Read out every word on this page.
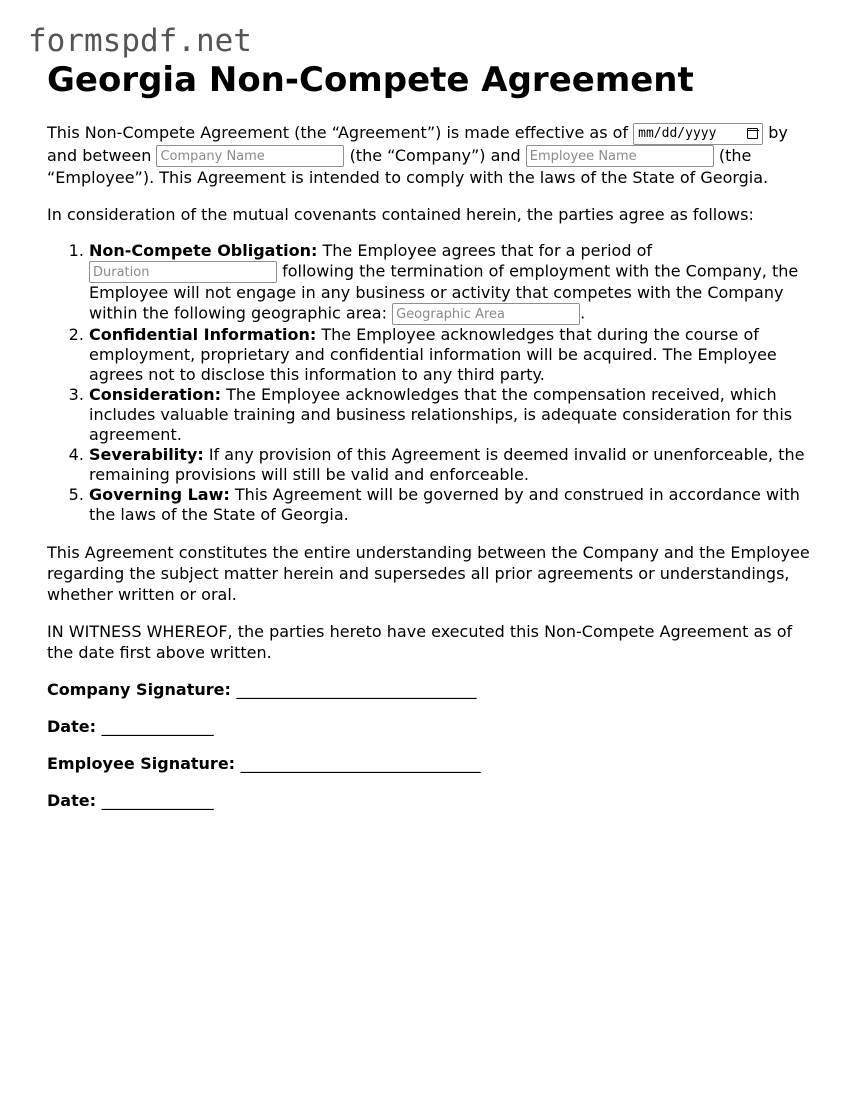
formspdf.net
Georgia Non-Compete Agreement

This Non-Compete Agreement (the “Agreement”) is made effective as of mm/dd/yyyy	by and between Company Name	(the “Company”) and Employee Name	(the “Employee”). This Agreement is intended to comply with the laws of the State of Georgia.

In consideration of the mutual covenants contained herein, the parties agree as follows:

1. Non-Compete Obligation: The Employee agrees that for a period of Duration following the termination of employment with the Company, the Employee will not engage in any business or activity that competes with the Company within the following geographic area: Geographic Area	.
2. Confidential Information: The Employee acknowledges that during the course of employment, proprietary and confidential information will be acquired. The Employee agrees not to disclose this information to any third party.
3. Consideration: The Employee acknowledges that the compensation received, which includes valuable training and business relationships, is adequate consideration for this agreement.
4. Severability: If any provision of this Agreement is deemed invalid or unenforceable, the remaining provisions will still be valid and enforceable.
5. Governing Law: This Agreement will be governed by and construed in accordance with the laws of the State of Georgia.

This Agreement constitutes the entire understanding between the Company and the Employee regarding the subject matter herein and supersedes all prior agreements or understandings, whether written or oral.

IN WITNESS WHEREOF, the parties hereto have executed this Non-Compete Agreement as of the date first above written.

Company Signature: ______________________________
Date: ______________
Employee Signature: ______________________________
Date: ______________
